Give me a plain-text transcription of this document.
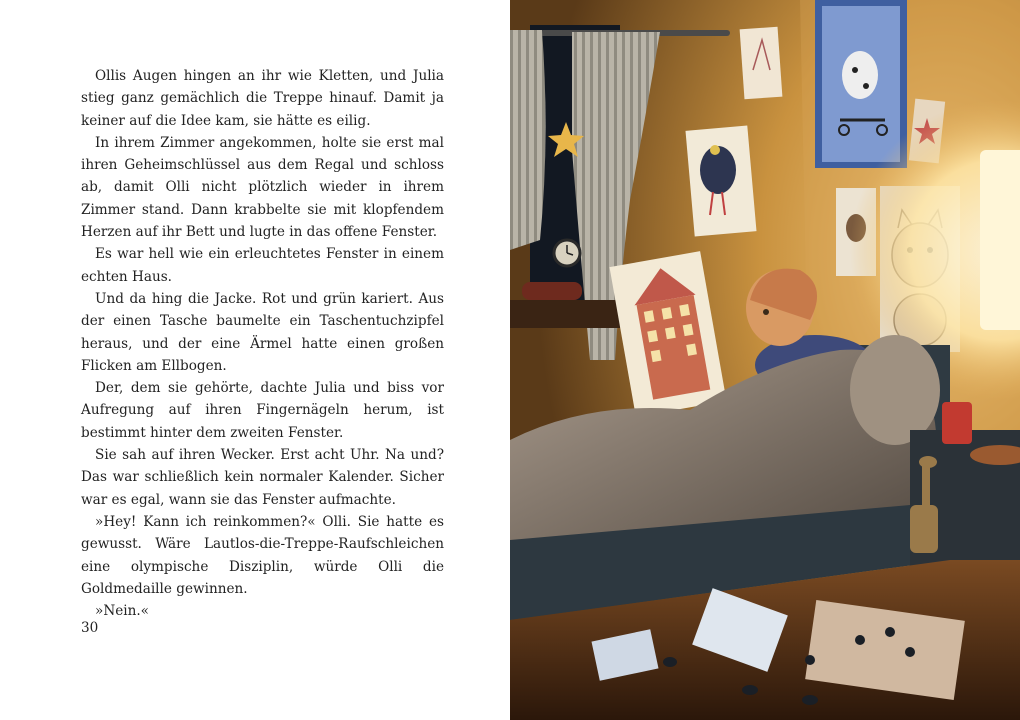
Ollis Augen hingen an ihr wie Kletten, und Julia stieg ganz gemächlich die Treppe hinauf. Damit ja keiner auf die Idee kam, sie hätte es eilig.

In ihrem Zimmer angekommen, holte sie erst mal ihren Geheimschlüssel aus dem Regal und schloss ab, damit Olli nicht plötzlich wieder in ihrem Zimmer stand. Dann krabbelte sie mit klopfendem Herzen auf ihr Bett und lugte in das offene Fenster.

Es war hell wie ein erleuchtetes Fenster in einem echten Haus.

Und da hing die Jacke. Rot und grün kariert. Aus der einen Tasche baumelte ein Taschentuchzipfel heraus, und der eine Ärmel hatte einen großen Flicken am Ellbogen.

Der, dem sie gehörte, dachte Julia und biss vor Aufregung auf ihren Fingernägeln herum, ist bestimmt hinter dem zweiten Fenster.

Sie sah auf ihren Wecker. Erst acht Uhr. Na und? Das war schließlich kein normaler Kalender. Sicher war es egal, wann sie das Fenster aufmachte.

»Hey! Kann ich reinkommen?« Olli. Sie hatte es gewusst. Wäre Lautlos-die-Treppe-Raufschleichen eine olympische Disziplin, würde Olli die Goldmedaille gewinnen.

»Nein.«

30
